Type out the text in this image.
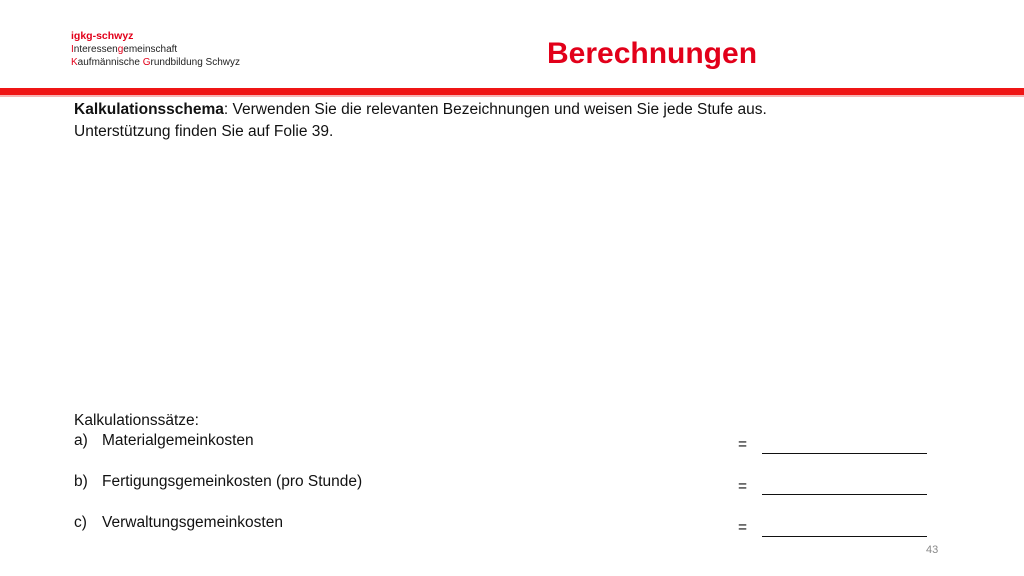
igkg-schwyz
Interessengemeinschaft
Kaufmännische Grundbildung Schwyz	Berechnungen
Kalkulationsschema: Verwenden Sie die relevanten Bezeichnungen und weisen Sie jede Stufe aus. Unterstützung finden Sie auf Folie 39.
Kalkulationssätze:
a) Materialgemeinkosten	=
b) Fertigungsgemeinkosten (pro Stunde)	=
c) Verwaltungsgemeinkosten	=
43
